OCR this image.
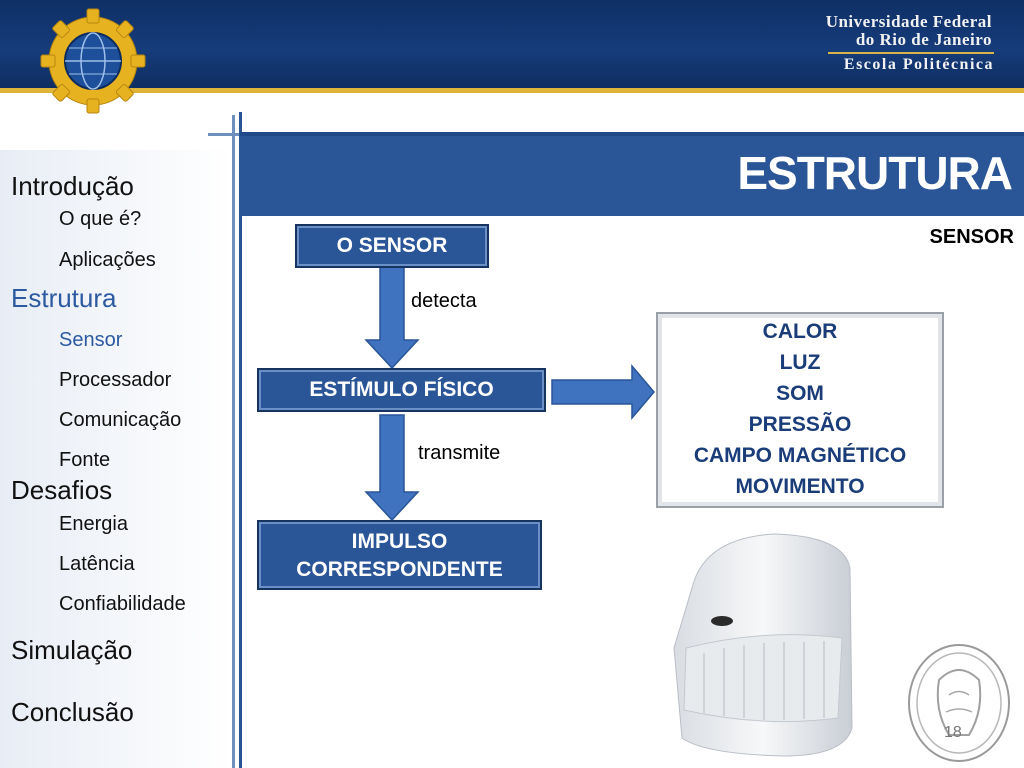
Universidade Federal
do Rio de Janeiro
Escola Politécnica
Introdução
O que é?
Aplicações
Estrutura
Sensor
Processador
Comunicação
Fonte
Desafios
Energia
Latência
Confiabilidade
Simulação
Conclusão
ESTRUTURA
SENSOR
O SENSOR
detecta
ESTÍMULO FÍSICO
transmite
IMPULSO
CORRESPONDENTE
CALOR
LUZ
SOM
PRESSÃO
CAMPO MAGNÉTICO
MOVIMENTO
18
